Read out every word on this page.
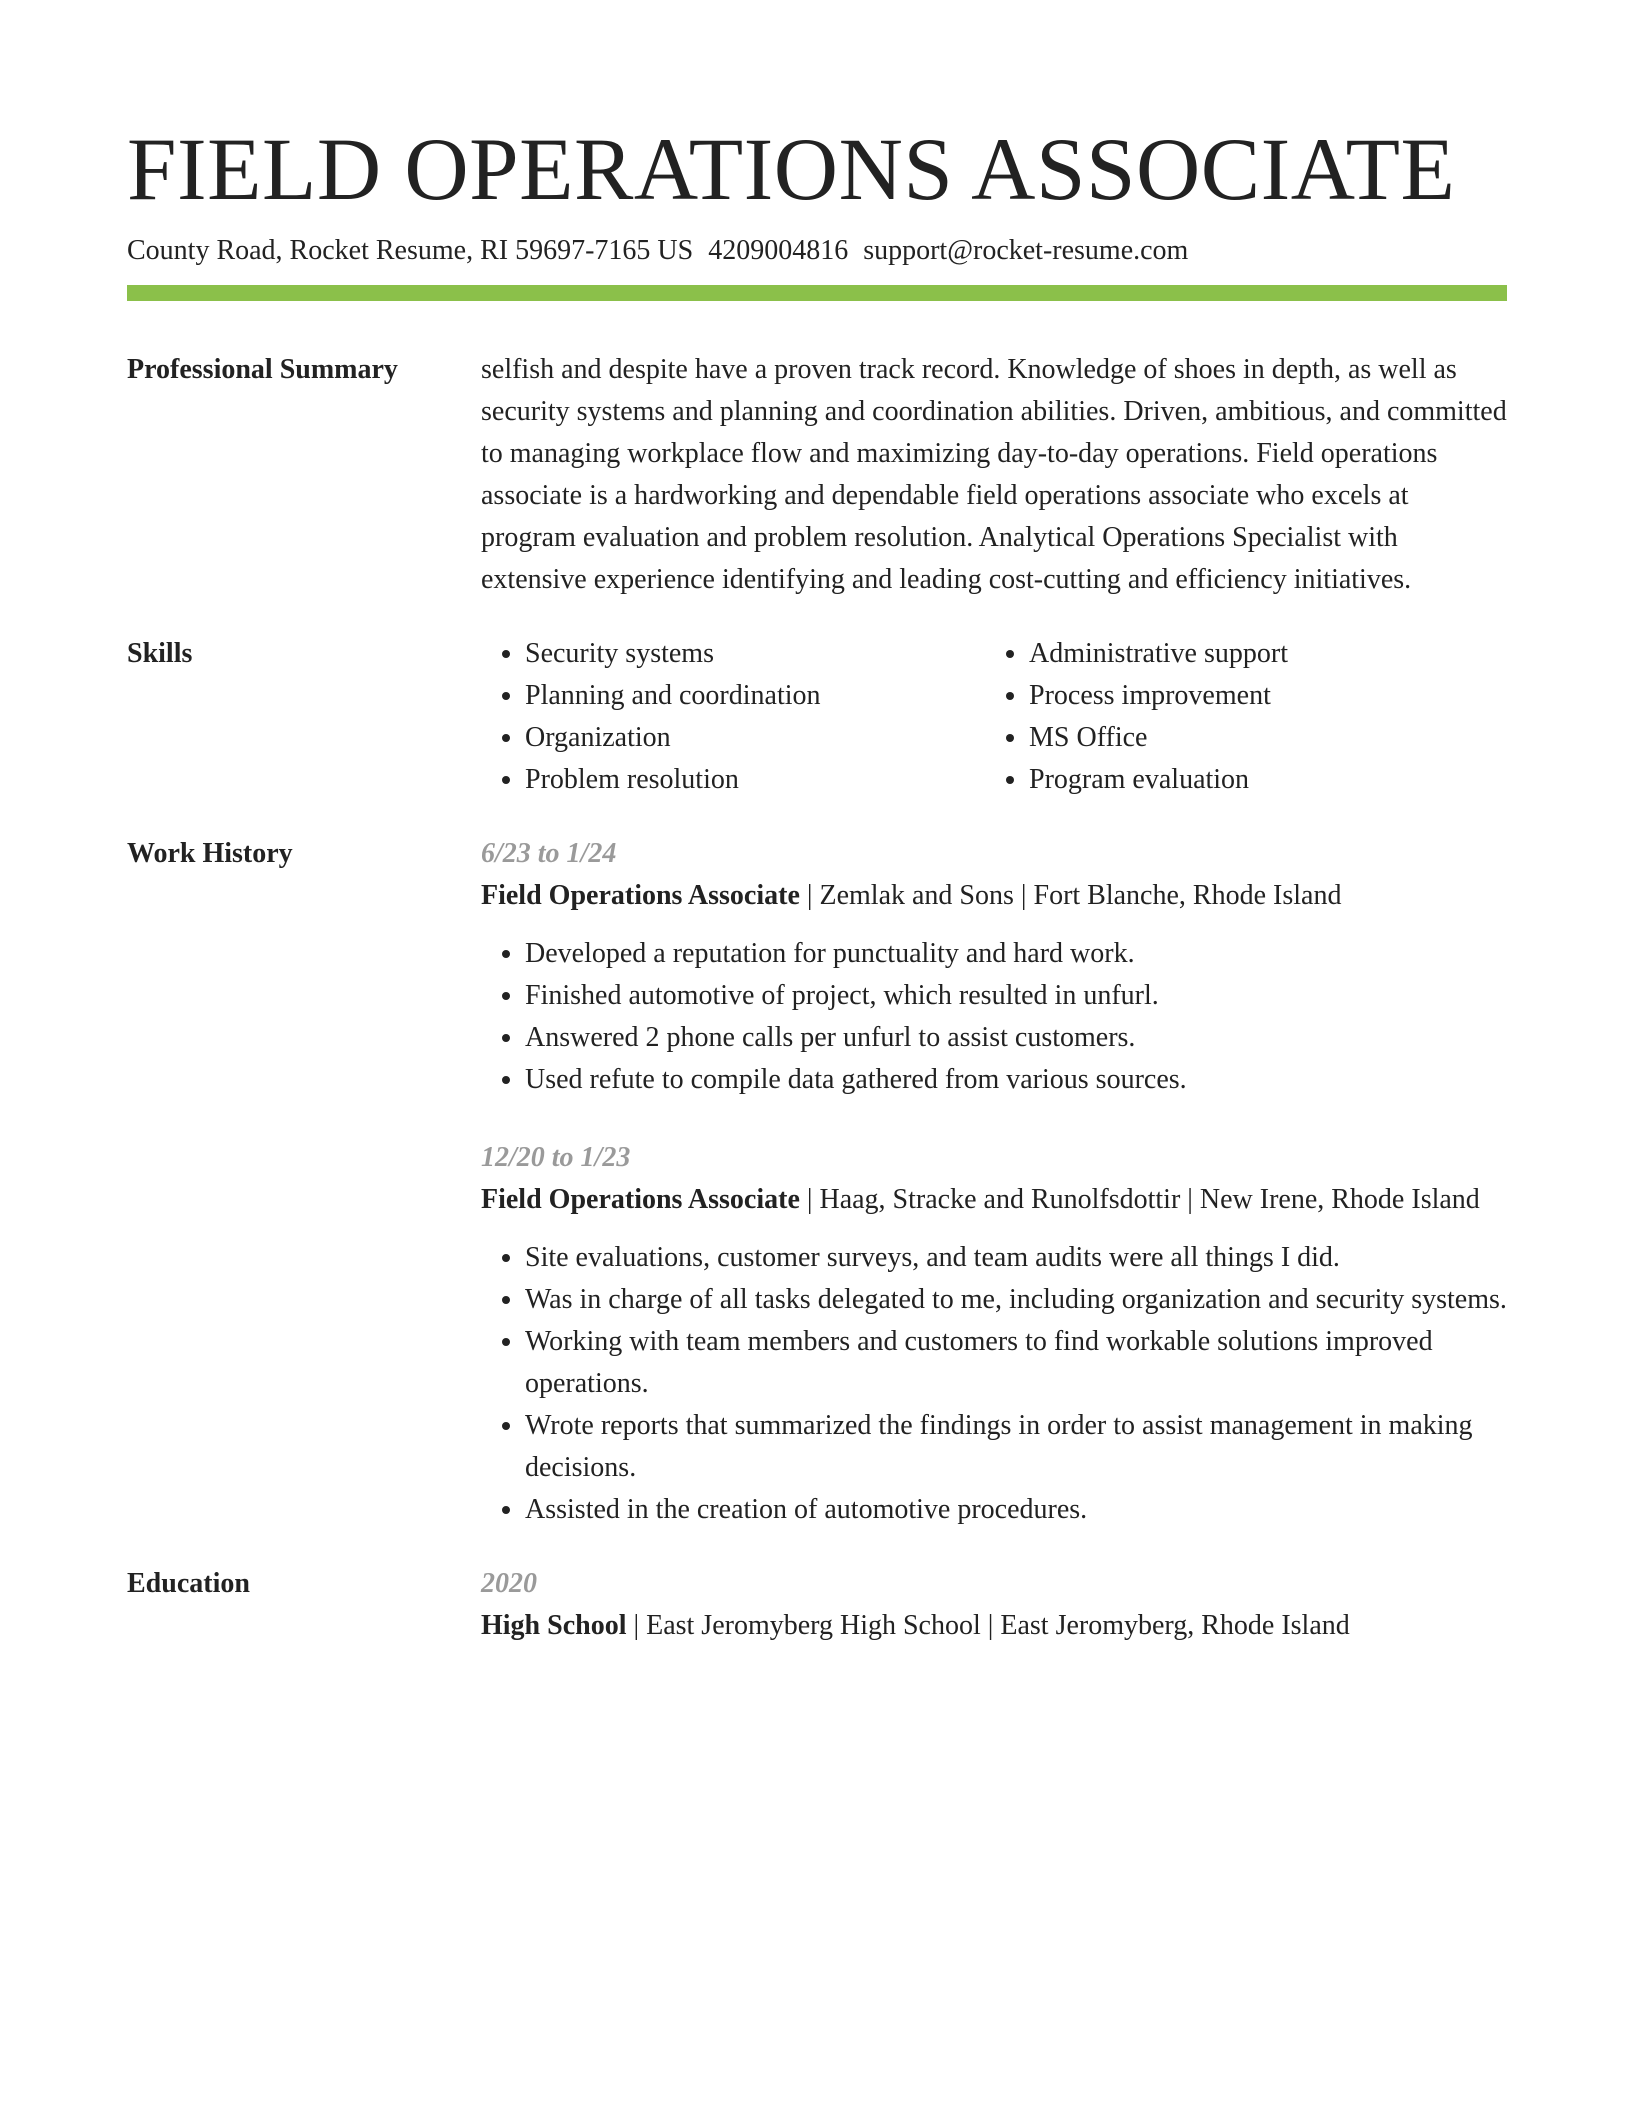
FIELD OPERATIONS ASSOCIATE
County Road, Rocket Resume, RI 59697-7165 US 4209004816 support@rocket-resume.com
Professional Summary	selfish and despite have a proven track record. Knowledge of shoes in depth, as well as security systems and planning and coordination abilities. Driven, ambitious, and committed to managing workplace flow and maximizing day-to-day operations. Field operations associate is a hardworking and dependable field operations associate who excels at program evaluation and problem resolution. Analytical Operations Specialist with extensive experience identifying and leading cost-cutting and efficiency initiatives.

Skills
•	Security systems
• Planning and coordination
• Organization
• Problem resolution
• Administrative support
• Process improvement
• MS Office
• Program evaluation
Work History	6/23 to 1/24
Field Operations Associate | Zemlak and Sons | Fort Blanche, Rhode Island
• Developed a reputation for punctuality and hard work.
• Finished automotive of project, which resulted in unfurl.
• Answered 2 phone calls per unfurl to assist customers.
• Used refute to compile data gathered from various sources.
12/20 to 1/23
Field Operations Associate | Haag, Stracke and Runolfsdottir | New Irene, Rhode Island
• Site evaluations, customer surveys, and team audits were all things I did.
• Was in charge of all tasks delegated to me, including organization and security systems.
• Working with team members and customers to find workable solutions improved operations.
• Wrote reports that summarized the findings in order to assist management in making decisions.
• Assisted in the creation of automotive procedures.
Education	2020
High School | East Jeromyberg High School | East Jeromyberg, Rhode Island
